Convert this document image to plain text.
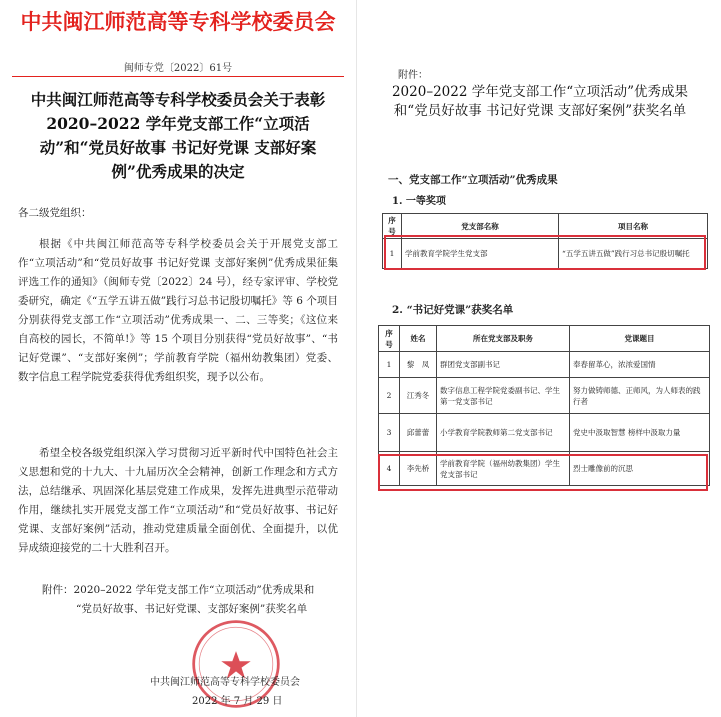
中共闽江师范高等专科学校委员会
闽师专党〔2022〕61号
中共闽江师范高等专科学校委员会关于表彰 2020–2022 学年党支部工作“立项活动”和“党员好故事 书记好党课 支部好案例”优秀成果的决定
各二级党组织：
根据《中共闽江师范高等专科学校委员会关于开展党支部工作“立项活动”和“党员好故事 书记好党课 支部好案例”优秀成果征集评选工作的通知》（闽师专党〔2022〕24 号），经专家评审、学校党委研究，确定《“五学五讲五做”践行习总书记殷切嘱托》等 6 个项目分别获得党支部工作“立项活动”优秀成果一、二、三等奖；《这位来自高校的园长，不简单!》等 15 个项目分别获得“党员好故事”、“书记好党课”、“支部好案例”；学前教育学院（福州幼教集团）党委、数字信息工程学院党委获得优秀组织奖，现予以公布。
希望全校各级党组织深入学习贯彻习近平新时代中国特色社会主义思想和党的十九大、十九届历次全会精神，创新工作理念和方式方法，总结继承、巩固深化基层党建工作成果，发挥先进典型示范带动作用，继续扎实开展党支部工作“立项活动”和“党员好故事、书记好党课、支部好案例”活动，推动党建质量全面创优、全面提升，以优异成绩迎接党的二十大胜利召开。
附件：2020–2022 学年党支部工作“立项活动”优秀成果和
“党员好故事、书记好党课、支部好案例”获奖名单
中共闽江师范高等专科学校委员会
2022 年 7 月 29 日
附件：
2020–2022 学年党支部工作“立项活动”优秀成果和“党员好故事 书记好党课 支部好案例”获奖名单
一、党支部工作“立项活动”优秀成果
1. 一等奖项
序号	党支部名称	项目名称
1	学前教育学院学生党支部	“五学五讲五做”践行习总书记殷切嘱托
2. “书记好党课”获奖名单
序号	姓名	所在党支部及职务	党课题目
1	黎　凤	群团党支部副书记	奉春留革心，浓浓爱国情
2	江秀冬	数字信息工程学院党委副书记、学生第一党支部书记	努力做铸师德、正师风，为人师表的践行者
3	邱蕾蕾	小学教育学院教师第二党支部书记	党史中汲取智慧 榜样中汲取力量
4	李先桥	学前教育学院（福州幼教集团）学生党支部书记	烈士雕像前的沉思
